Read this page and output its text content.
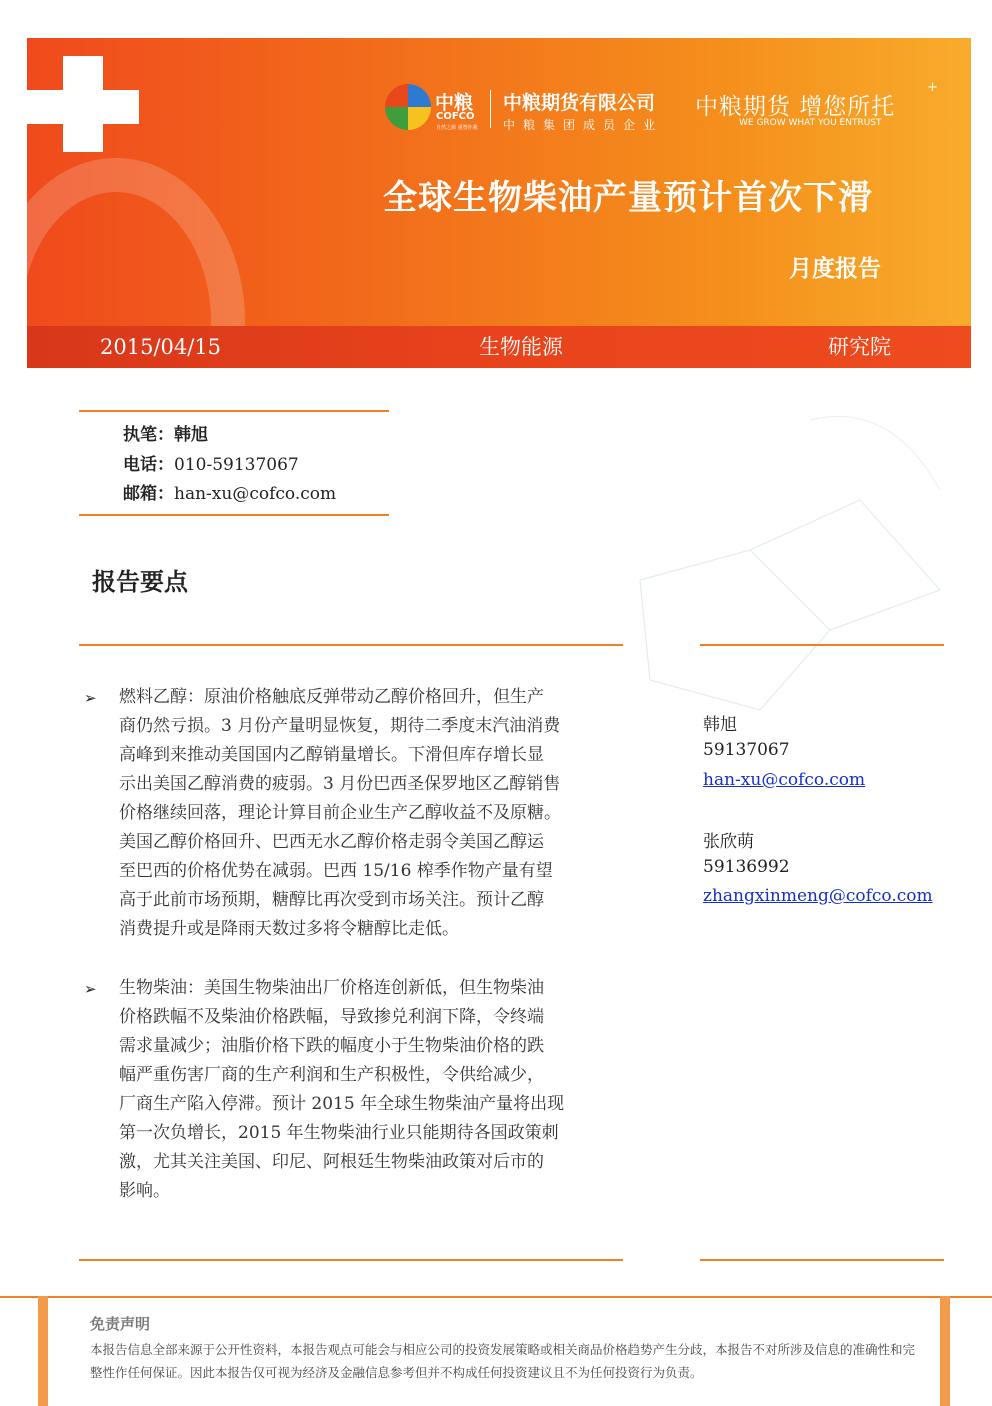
中粮
COFCO
自然之源 重塑你我
中粮期货有限公司
中粮集团成员企业
中粮期货 增您所托
+
WE GROW WHAT YOU ENTRUST
全球生物柴油产量预计首次下滑
月度报告
2015/04/15	生物能源	研究院
执笔：韩旭
电话：010-59137067
邮箱：han-xu@cofco.com
报告要点
➢ 燃料乙醇：原油价格触底反弹带动乙醇价格回升，但生产
商仍然亏损。3 月份产量明显恢复，期待二季度末汽油消费
高峰到来推动美国国内乙醇销量增长。下滑但库存增长显
示出美国乙醇消费的疲弱。3 月份巴西圣保罗地区乙醇销售
价格继续回落，理论计算目前企业生产乙醇收益不及原糖。
美国乙醇价格回升、巴西无水乙醇价格走弱令美国乙醇运
至巴西的价格优势在减弱。巴西 15/16 榨季作物产量有望
高于此前市场预期，糖醇比再次受到市场关注。预计乙醇
消费提升或是降雨天数过多将令糖醇比走低。
➢ 生物柴油：美国生物柴油出厂价格连创新低，但生物柴油
价格跌幅不及柴油价格跌幅，导致掺兑利润下降，令终端
需求量减少；油脂价格下跌的幅度小于生物柴油价格的跌
幅严重伤害厂商的生产利润和生产积极性，令供给减少，
厂商生产陷入停滞。预计 2015 年全球生物柴油产量将出现
第一次负增长，2015 年生物柴油行业只能期待各国政策刺
激，尤其关注美国、印尼、阿根廷生物柴油政策对后市的
影响。
韩旭
59137067
han-xu@cofco.com
张欣萌
59136992
zhangxinmeng@cofco.com
免责声明
本报告信息全部来源于公开性资料，本报告观点可能会与相应公司的投资发展策略或相关商品价格趋势产生分歧，本报告不对所涉及信息的准确性和完整性作任何保证。因此本报告仅可视为经济及金融信息参考但并不构成任何投资建议且不为任何投资行为负责。
